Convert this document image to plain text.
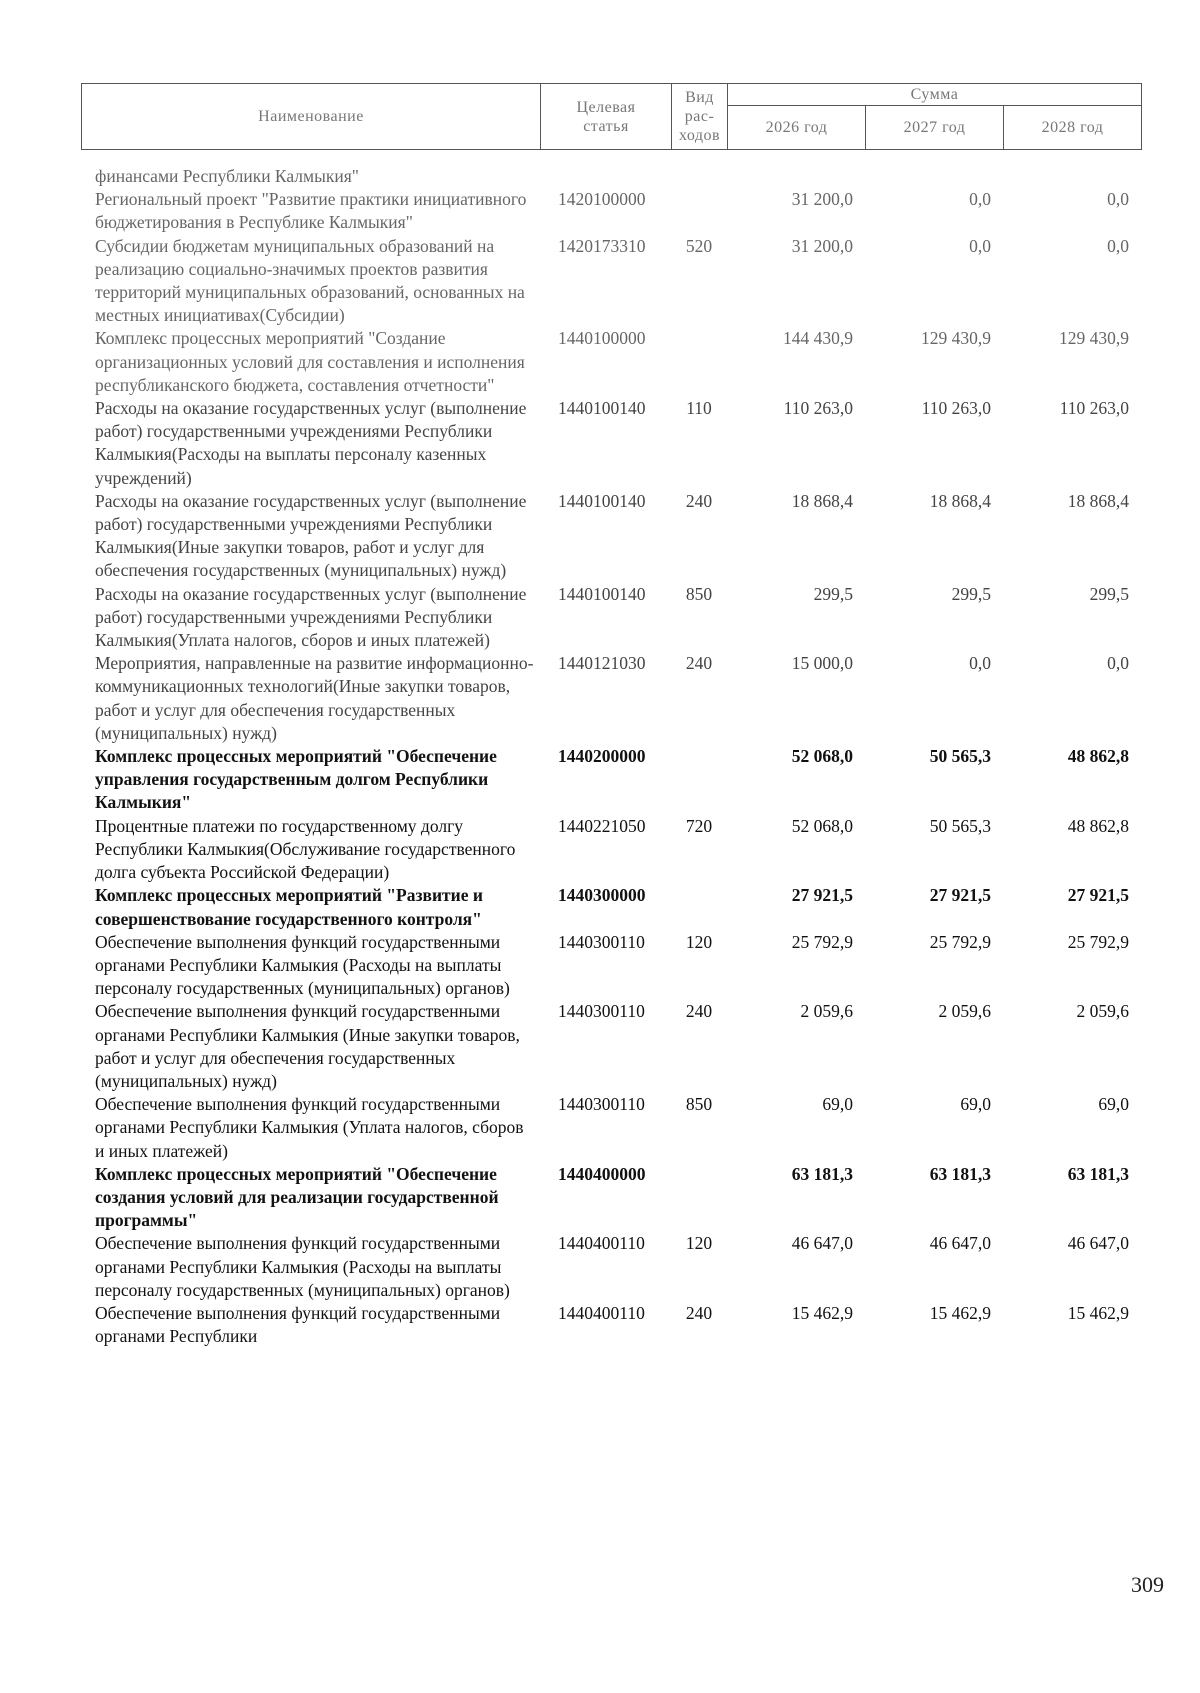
Наименование	Целевая статья	Вид рас-ходов	Сумма		
			2026 год	2027 год	2028 год
финансами Республики Калмыкия"					
Региональный проект "Развитие практики инициативного бюджетирования в Республике Калмыкия"	1420100000		31 200,0	0,0	0,0
Субсидии бюджетам муниципальных образований на реализацию социально-значимых проектов развития территорий муниципальных образований, основанных на местных инициативах(Субсидии)	1420173310	520	31 200,0	0,0	0,0
Комплекс процессных мероприятий "Создание организационных условий для составления и исполнения республиканского бюджета, составления отчетности"	1440100000		144 430,9	129 430,9	129 430,9
Расходы на оказание государственных услуг (выполнение работ) государственными учреждениями Республики Калмыкия(Расходы на выплаты персоналу казенных учреждений)	1440100140	110	110 263,0	110 263,0	110 263,0
Расходы на оказание государственных услуг (выполнение работ) государственными учреждениями Республики Калмыкия(Иные закупки товаров, работ и услуг для обеспечения государственных (муниципальных) нужд)	1440100140	240	18 868,4	18 868,4	18 868,4
Расходы на оказание государственных услуг (выполнение работ) государственными учреждениями Республики Калмыкия(Уплата налогов, сборов и иных платежей)	1440100140	850	299,5	299,5	299,5
Мероприятия, направленные на развитие информационно-коммуникационных технологий(Иные закупки товаров, работ и услуг для обеспечения государственных (муниципальных) нужд)	1440121030	240	15 000,0	0,0	0,0
Комплекс процессных мероприятий "Обеспечение управления государственным долгом Республики Калмыкия"	1440200000		52 068,0	50 565,3	48 862,8
Процентные платежи по государственному долгу Республики Калмыкия(Обслуживание государственного долга субъекта Российской Федерации)	1440221050	720	52 068,0	50 565,3	48 862,8
Комплекс процессных мероприятий "Развитие и совершенствование государственного контроля"	1440300000		27 921,5	27 921,5	27 921,5
Обеспечение выполнения функций государственными органами Республики Калмыкия (Расходы на выплаты персоналу государственных (муниципальных) органов)	1440300110	120	25 792,9	25 792,9	25 792,9
Обеспечение выполнения функций государственными органами Республики Калмыкия (Иные закупки товаров, работ и услуг для обеспечения государственных (муниципальных) нужд)	1440300110	240	2 059,6	2 059,6	2 059,6
Обеспечение выполнения функций государственными органами Республики Калмыкия (Уплата налогов, сборов и иных платежей)	1440300110	850	69,0	69,0	69,0
Комплекс процессных мероприятий "Обеспечение создания условий для реализации государственной программы"	1440400000		63 181,3	63 181,3	63 181,3
Обеспечение выполнения функций государственными органами Республики Калмыкия (Расходы на выплаты персоналу государственных (муниципальных) органов)	1440400110	120	46 647,0	46 647,0	46 647,0
Обеспечение выполнения функций государственными органами Республики	1440400110	240	15 462,9	15 462,9	15 462,9
309
